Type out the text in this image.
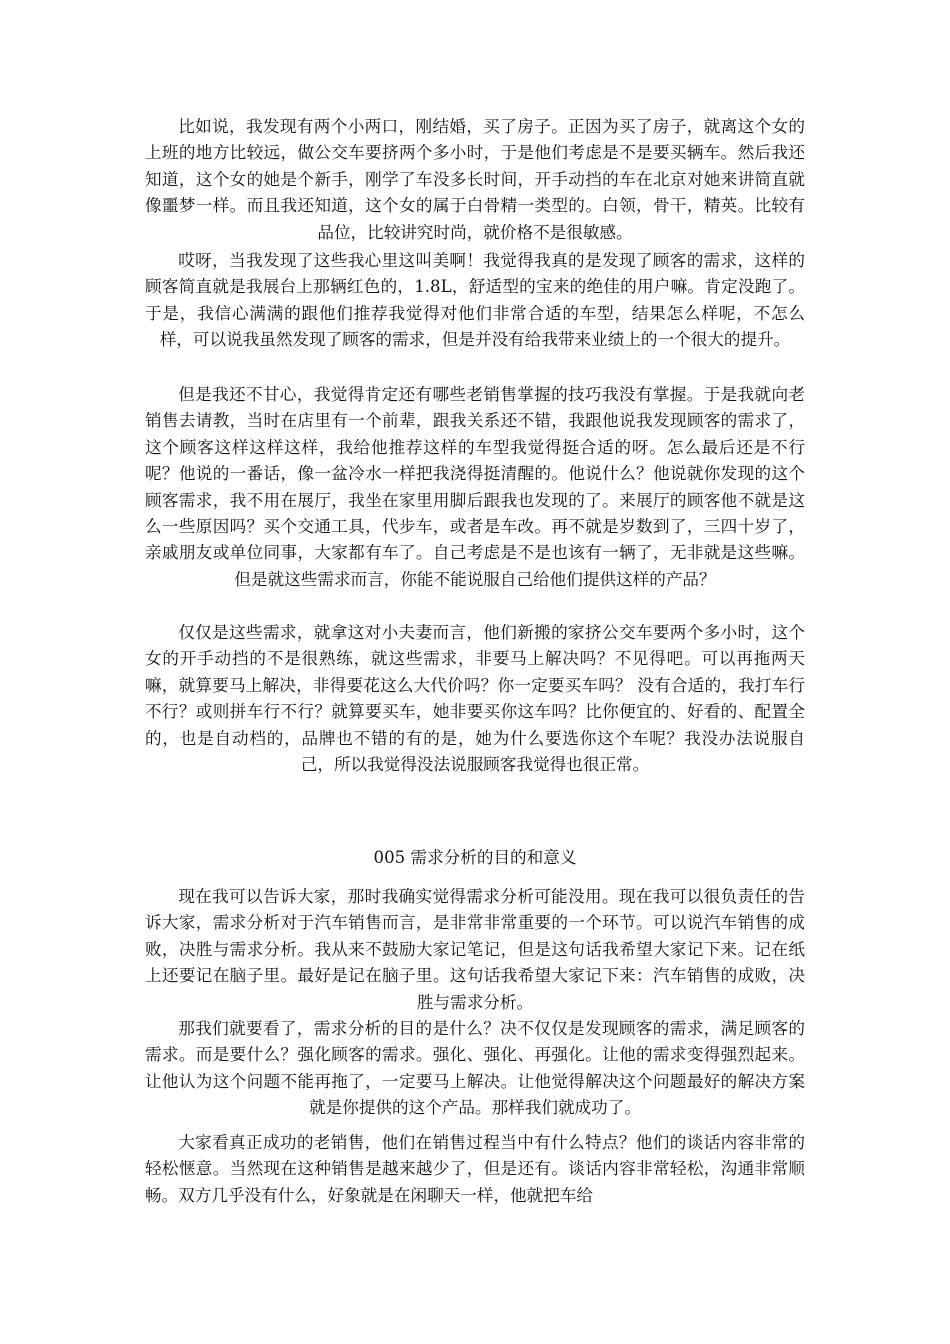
比如说，我发现有两个小两口，刚结婚，买了房子。正因为买了房子，就离这个女的上班的地方比较远，做公交车要挤两个多小时，于是他们考虑是不是要买辆车。然后我还知道，这个女的她是个新手，刚学了车没多长时间，开手动挡的车在北京对她来讲简直就像噩梦一样。而且我还知道，这个女的属于白骨精一类型的。白领，骨干，精英。比较有品位，比较讲究时尚，就价格不是很敏感。

哎呀，当我发现了这些我心里这叫美啊！我觉得我真的是发现了顾客的需求，这样的顾客简直就是我展台上那辆红色的，1.8L，舒适型的宝来的绝佳的用户嘛。肯定没跑了。于是，我信心满满的跟他们推荐我觉得对他们非常合适的车型，结果怎么样呢，不怎么样，可以说我虽然发现了顾客的需求，但是并没有给我带来业绩上的一个很大的提升。

但是我还不甘心，我觉得肯定还有哪些老销售掌握的技巧我没有掌握。于是我就向老销售去请教，当时在店里有一个前辈，跟我关系还不错，我跟他说我发现顾客的需求了，这个顾客这样这样这样，我给他推荐这样的车型我觉得挺合适的呀。怎么最后还是不行呢？他说的一番话，像一盆冷水一样把我浇得挺清醒的。他说什么？他说就你发现的这个顾客需求，我不用在展厅，我坐在家里用脚后跟我也发现的了。来展厅的顾客他不就是这么一些原因吗？买个交通工具，代步车，或者是车改。再不就是岁数到了，三四十岁了，亲戚朋友或单位同事，大家都有车了。自己考虑是不是也该有一辆了，无非就是这些嘛。但是就这些需求而言，你能不能说服自己给他们提供这样的产品？

仅仅是这些需求，就拿这对小夫妻而言，他们新搬的家挤公交车要两个多小时，这个女的开手动挡的不是很熟练，就这些需求，非要马上解决吗？不见得吧。可以再拖两天嘛，就算要马上解决，非得要花这么大代价吗？你一定要买车吗？ 没有合适的，我打车行不行？或则拼车行不行？就算要买车，她非要买你这车吗？比你便宜的、好看的、配置全的，也是自动档的，品牌也不错的有的是，她为什么要选你这个车呢？我没办法说服自己，所以我觉得没法说服顾客我觉得也很正常。

005 需求分析的目的和意义

现在我可以告诉大家，那时我确实觉得需求分析可能没用。现在我可以很负责任的告诉大家，需求分析对于汽车销售而言，是非常非常重要的一个环节。可以说汽车销售的成败，决胜与需求分析。我从来不鼓励大家记笔记，但是这句话我希望大家记下来。记在纸上还要记在脑子里。最好是记在脑子里。这句话我希望大家记下来：汽车销售的成败，决胜与需求分析。

那我们就要看了，需求分析的目的是什么？决不仅仅是发现顾客的需求，满足顾客的需求。而是要什么？强化顾客的需求。强化、强化、再强化。让他的需求变得强烈起来。让他认为这个问题不能再拖了，一定要马上解决。让他觉得解决这个问题最好的解决方案就是你提供的这个产品。那样我们就成功了。

大家看真正成功的老销售，他们在销售过程当中有什么特点？他们的谈话内容非常的轻松惬意。当然现在这种销售是越来越少了，但是还有。谈话内容非常轻松，沟通非常顺畅。双方几乎没有什么，好象就是在闲聊天一样，他就把车给
